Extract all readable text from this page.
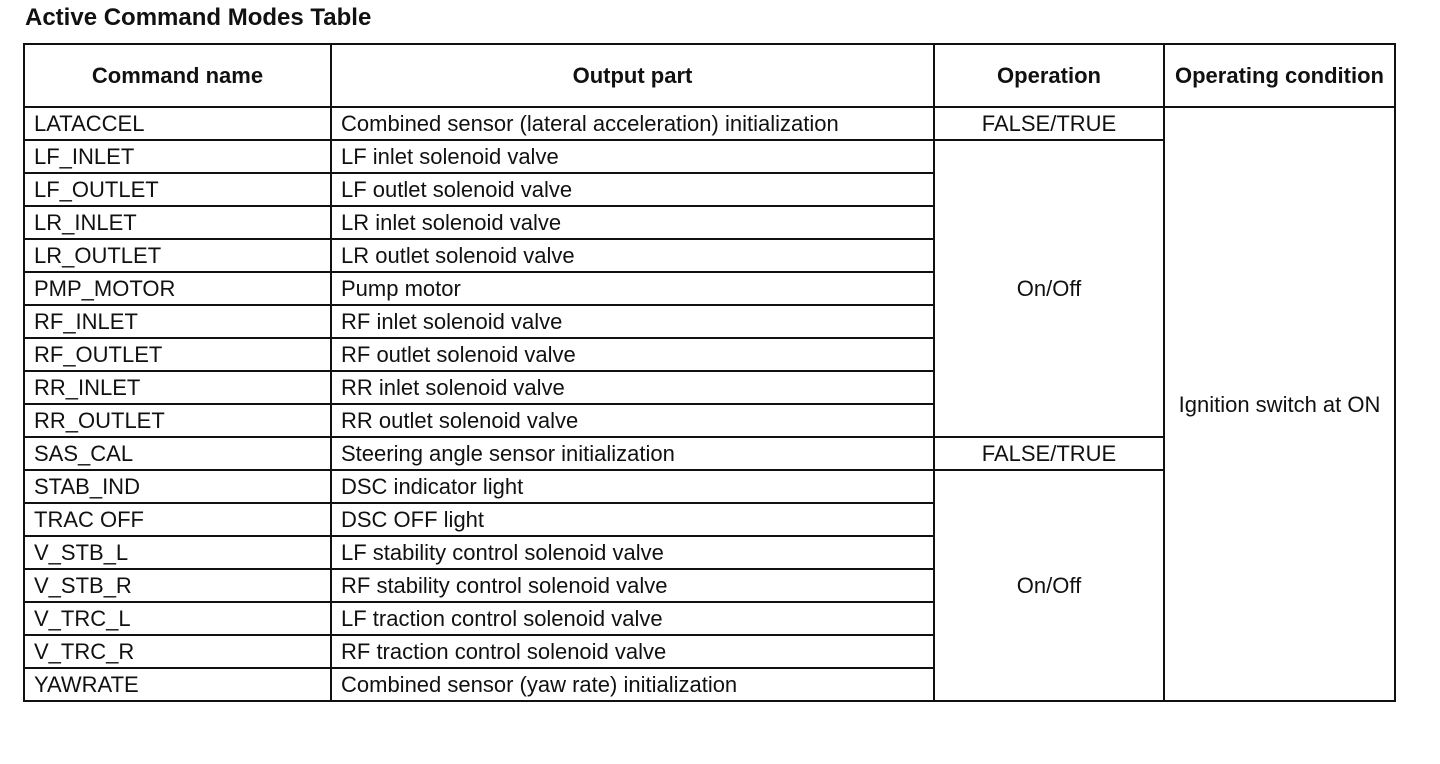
Active Command Modes Table
Command name	Output part	Operation	Operating condition
LATACCEL	Combined sensor (lateral acceleration) initialization	FALSE/TRUE	Ignition switch at ON
LF_INLET	LF inlet solenoid valve	On/Off	
LF_OUTLET	LF outlet solenoid valve		
LR_INLET	LR inlet solenoid valve		
LR_OUTLET	LR outlet solenoid valve		
PMP_MOTOR	Pump motor		
RF_INLET	RF inlet solenoid valve		
RF_OUTLET	RF outlet solenoid valve		
RR_INLET	RR inlet solenoid valve		
RR_OUTLET	RR outlet solenoid valve		
SAS_CAL	Steering angle sensor initialization	FALSE/TRUE	
STAB_IND	DSC indicator light	On/Off	
TRAC OFF	DSC OFF light		
V_STB_L	LF stability control solenoid valve		
V_STB_R	RF stability control solenoid valve		
V_TRC_L	LF traction control solenoid valve		
V_TRC_R	RF traction control solenoid valve		
YAWRATE	Combined sensor (yaw rate) initialization		
